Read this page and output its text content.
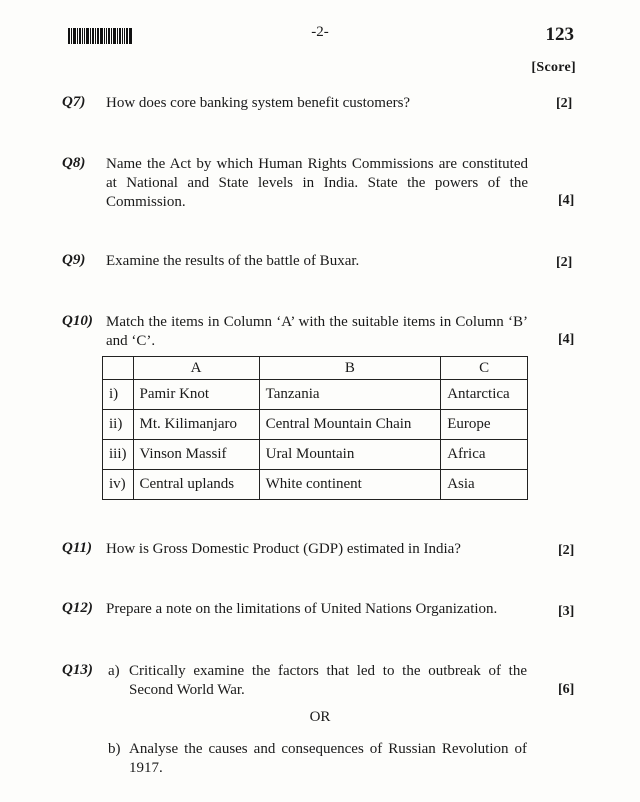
-2-	123
[Score]
Q7) How does core banking system benefit customers?	[2]
Q8) Name the Act by which Human Rights Commissions are constituted at National and State levels in India. State the powers of the Commission.	[4]
Q9) Examine the results of the battle of Buxar.	[2]
Q10) Match the items in Column ‘A’ with the suitable items in Column ‘B’ and ‘C’.	[4]
	A	B	C
i)	Pamir Knot	Tanzania	Antarctica
ii)	Mt. Kilimanjaro	Central Mountain Chain	Europe
iii)	Vinson Massif	Ural Mountain	Africa
iv)	Central uplands	White continent	Asia
Q11) How is Gross Domestic Product (GDP) estimated in India?	[2]
Q12) Prepare a note on the limitations of United Nations Organization.	[3]
Q13) a) Critically examine the factors that led to the outbreak of the Second World War.	[6]
OR
b) Analyse the causes and consequences of Russian Revolution of 1917.
